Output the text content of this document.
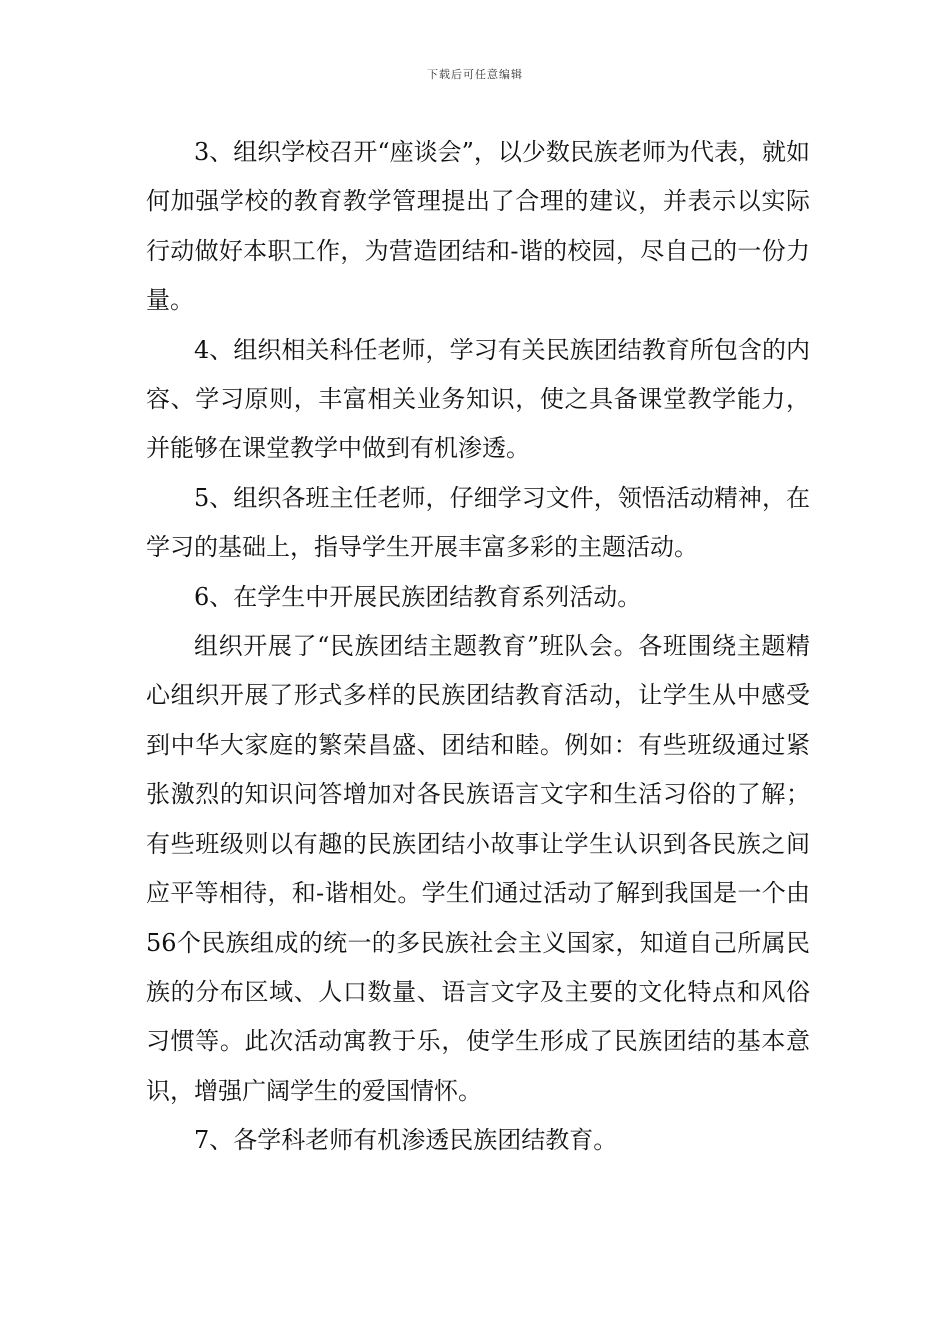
下载后可任意编辑

3、组织学校召开“座谈会”，以少数民族老师为代表，就如何加强学校的教育教学管理提出了合理的建议，并表示以实际行动做好本职工作，为营造团结和-谐的校园，尽自己的一份力量。

4、组织相关科任老师，学习有关民族团结教育所包含的内容、学习原则，丰富相关业务知识，使之具备课堂教学能力，并能够在课堂教学中做到有机渗透。

5、组织各班主任老师，仔细学习文件，领悟活动精神，在学习的基础上，指导学生开展丰富多彩的主题活动。

6、在学生中开展民族团结教育系列活动。

组织开展了“民族团结主题教育”班队会。各班围绕主题精心组织开展了形式多样的民族团结教育活动，让学生从中感受到中华大家庭的繁荣昌盛、团结和睦。例如：有些班级通过紧张激烈的知识问答增加对各民族语言文字和生活习俗的了解；有些班级则以有趣的民族团结小故事让学生认识到各民族之间应平等相待，和-谐相处。学生们通过活动了解到我国是一个由56个民族组成的统一的多民族社会主义国家，知道自己所属民族的分布区域、人口数量、语言文字及主要的文化特点和风俗习惯等。此次活动寓教于乐，使学生形成了民族团结的基本意识，增强广阔学生的爱国情怀。

7、各学科老师有机渗透民族团结教育。
